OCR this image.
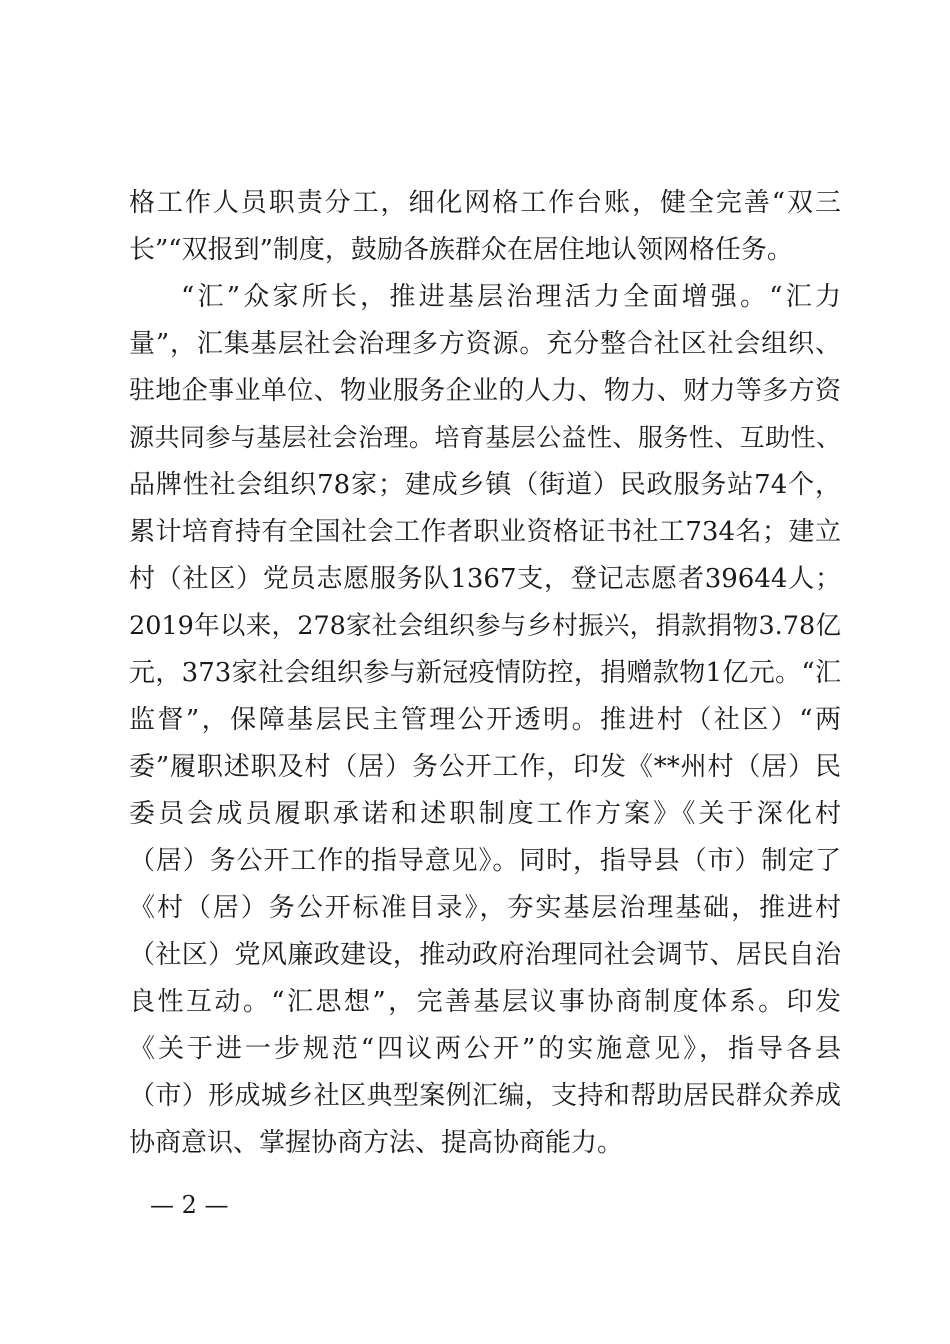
格工作人员职责分工，细化网格工作台账，健全完善“双三
长”“双报到”制度，鼓励各族群众在居住地认领网格任务。
“汇”众家所长，推进基层治理活力全面增强。“汇力
量”，汇集基层社会治理多方资源。充分整合社区社会组织、
驻地企事业单位、物业服务企业的人力、物力、财力等多方资
源共同参与基层社会治理。培育基层公益性、服务性、互助性、
品牌性社会组织78家；建成乡镇（街道）民政服务站74个，
累计培育持有全国社会工作者职业资格证书社工734名；建立
村（社区）党员志愿服务队1367支，登记志愿者39644人；
2019年以来，278家社会组织参与乡村振兴，捐款捐物3.78亿
元，373家社会组织参与新冠疫情防控，捐赠款物1亿元。“汇
监督”，保障基层民主管理公开透明。推进村（社区）“两
委”履职述职及村（居）务公开工作，印发《**州村（居）民
委员会成员履职承诺和述职制度工作方案》《关于深化村
（居）务公开工作的指导意见》。同时，指导县（市）制定了
《村（居）务公开标准目录》，夯实基层治理基础，推进村
（社区）党风廉政建设，推动政府治理同社会调节、居民自治
良性互动。“汇思想”，完善基层议事协商制度体系。印发
《关于进一步规范“四议两公开”的实施意见》，指导各县
（市）形成城乡社区典型案例汇编，支持和帮助居民群众养成
协商意识、掌握协商方法、提高协商能力。
— 2 —
